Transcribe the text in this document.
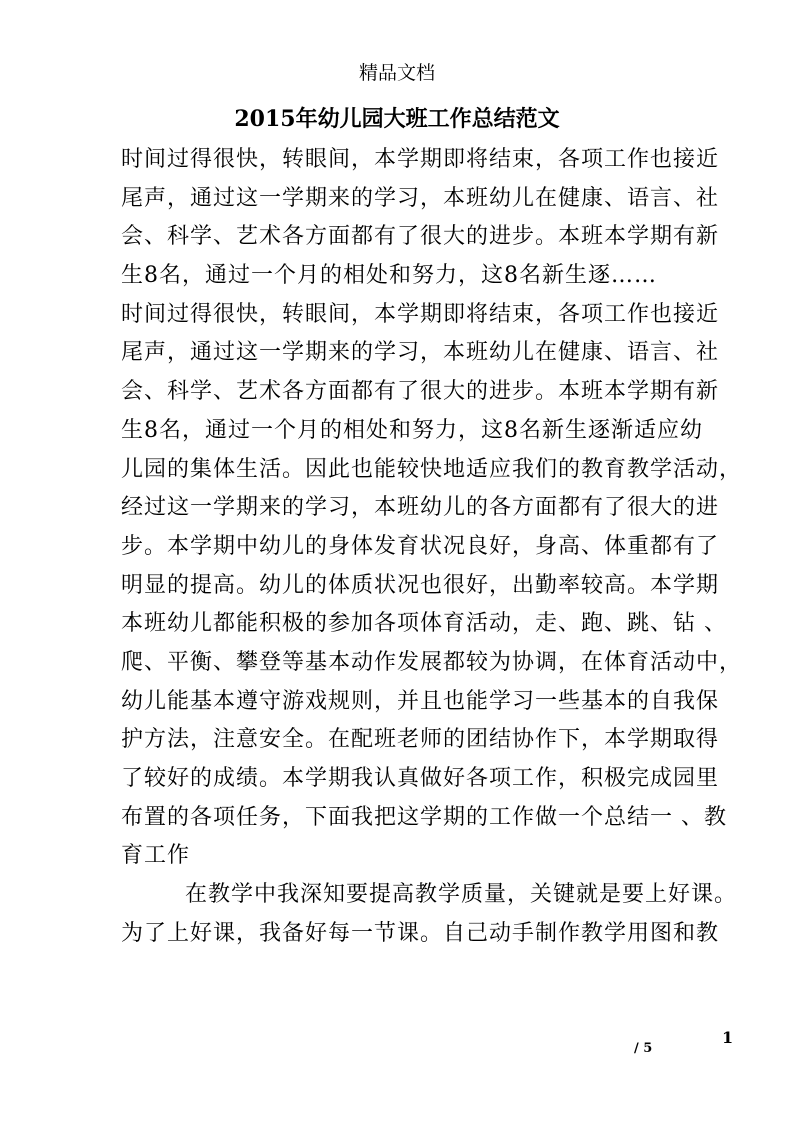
精品文档
2015年幼儿园大班工作总结范文
时间过得很快，转眼间，本学期即将结束，各项工作也接近
尾声，通过这一学期来的学习，本班幼儿在健康、语言、社
会、科学、艺术各方面都有了很大的进步。本班本学期有新
生8名，通过一个月的相处和努力，这8名新生逐……
时间过得很快，转眼间，本学期即将结束，各项工作也接近
尾声，通过这一学期来的学习，本班幼儿在健康、语言、社
会、科学、艺术各方面都有了很大的进步。本班本学期有新
生8名，通过一个月的相处和努力，这8名新生逐渐适应幼
儿园的集体生活。因此也能较快地适应我们的教育教学活动，
经过这一学期来的学习，本班幼儿的各方面都有了很大的进
步。本学期中幼儿的身体发育状况良好，身高、体重都有了
明显的提高。幼儿的体质状况也很好，出勤率较高。本学期
本班幼儿都能积极的参加各项体育活动，走、跑、跳、钻 、
爬、平衡、攀登等基本动作发展都较为协调，在体育活动中，
幼儿能基本遵守游戏规则，并且也能学习一些基本的自我保
护方法，注意安全。在配班老师的团结协作下，本学期取得
了较好的成绩。本学期我认真做好各项工作，积极完成园里
布置的各项任务，下面我把这学期的工作做一个总结一 、教
育工作
在教学中我深知要提高教学质量，关键就是要上好课。
为了上好课，我备好每一节课。自己动手制作教学用图和教
1
/ 5
